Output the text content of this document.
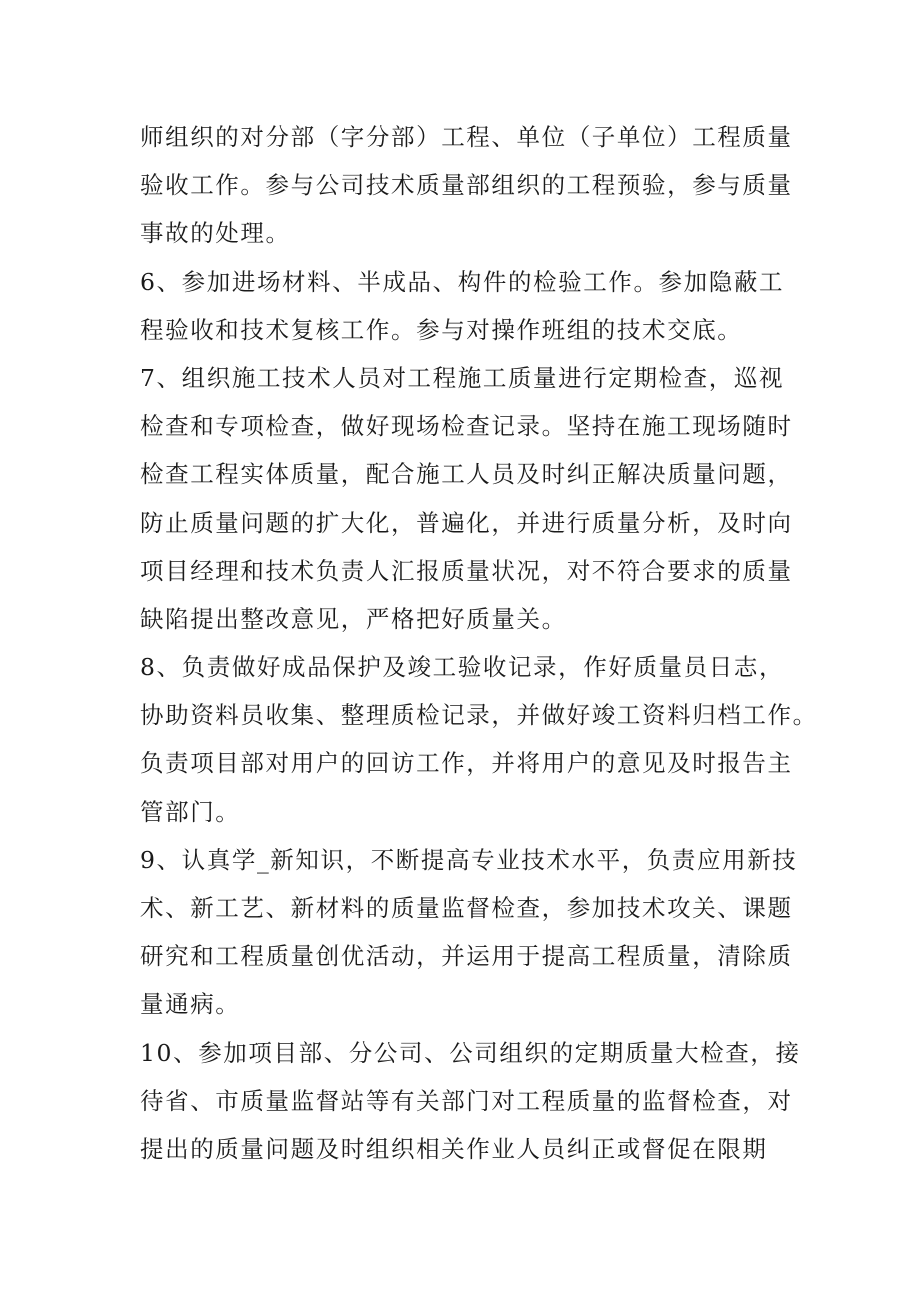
师组织的对分部（字分部）工程、单位（子单位）工程质量
验收工作。参与公司技术质量部组织的工程预验，参与质量
事故的处理。
6、参加进场材料、半成品、构件的检验工作。参加隐蔽工
程验收和技术复核工作。参与对操作班组的技术交底。
7、组织施工技术人员对工程施工质量进行定期检查，巡视
检查和专项检查，做好现场检查记录。坚持在施工现场随时
检查工程实体质量，配合施工人员及时纠正解决质量问题，
防止质量问题的扩大化，普遍化，并进行质量分析，及时向
项目经理和技术负责人汇报质量状况，对不符合要求的质量
缺陷提出整改意见，严格把好质量关。
8、负责做好成品保护及竣工验收记录，作好质量员日志，
协助资料员收集、整理质检记录，并做好竣工资料归档工作。
负责项目部对用户的回访工作，并将用户的意见及时报告主
管部门。
9、认真学_新知识，不断提高专业技术水平，负责应用新技
术、新工艺、新材料的质量监督检查，参加技术攻关、课题
研究和工程质量创优活动，并运用于提高工程质量，清除质
量通病。
10、参加项目部、分公司、公司组织的定期质量大检查，接
待省、市质量监督站等有关部门对工程质量的监督检查，对
提出的质量问题及时组织相关作业人员纠正或督促在限期
